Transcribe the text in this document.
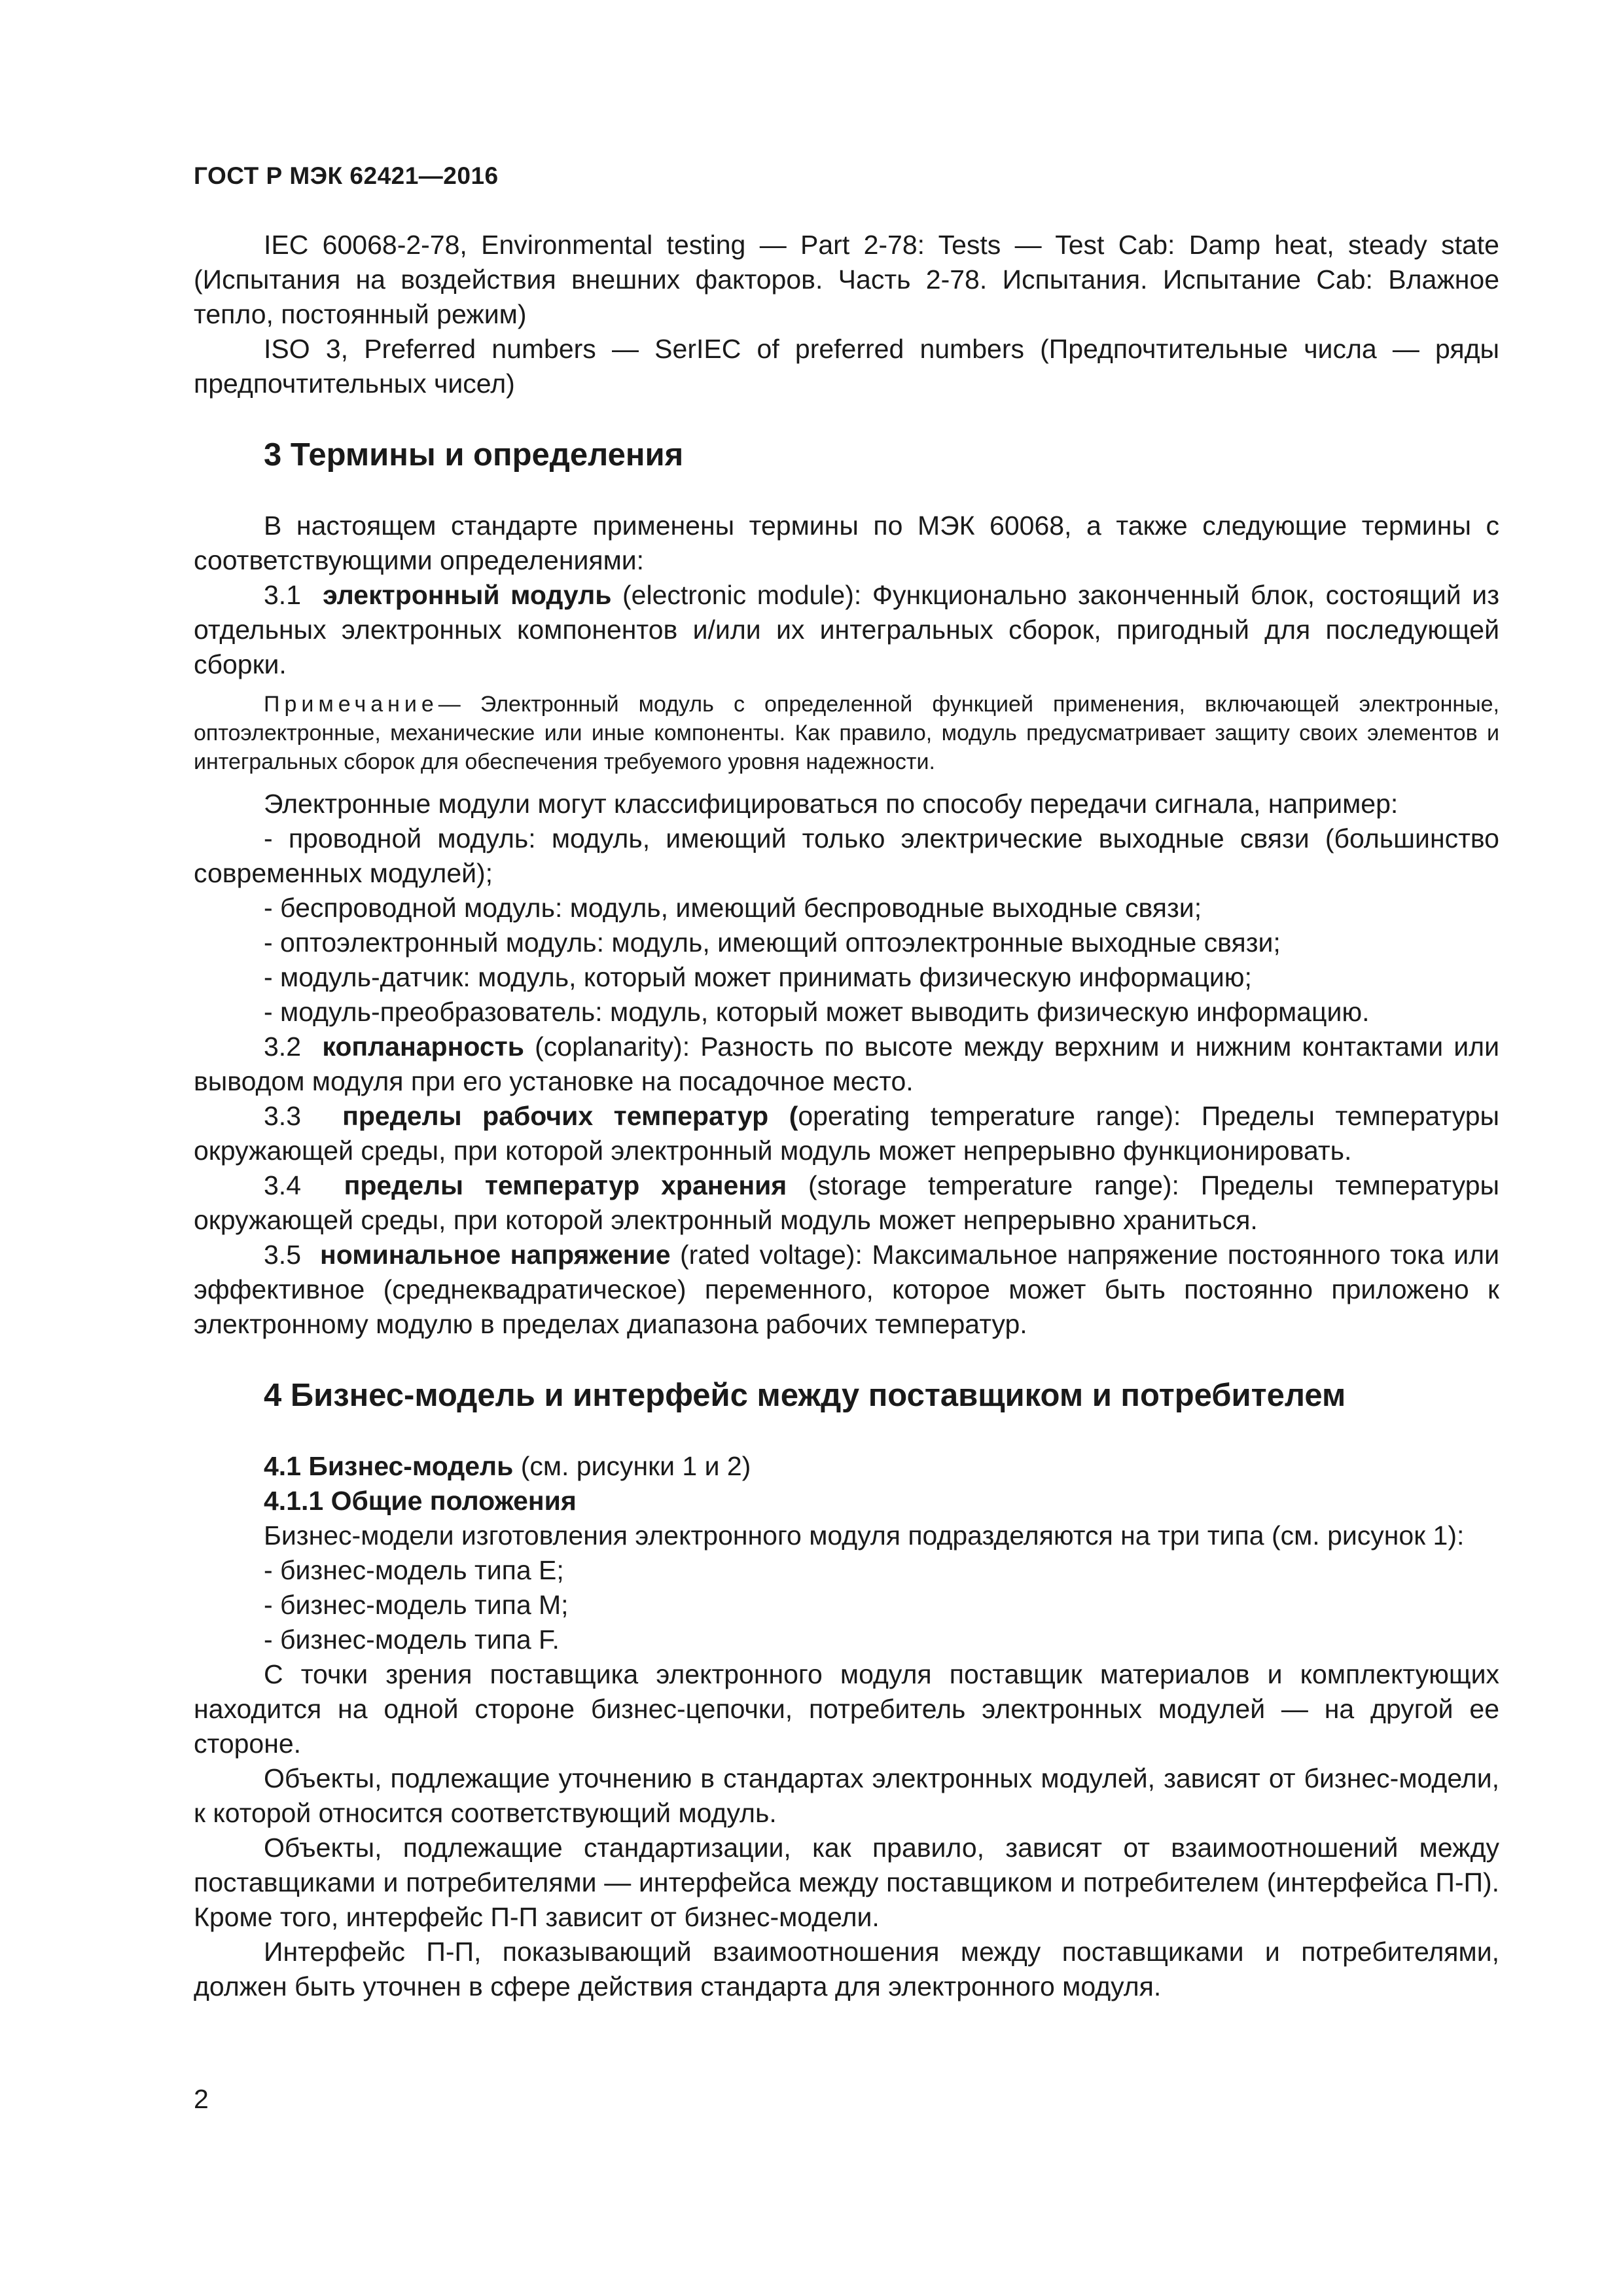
ГОСТ Р МЭК 62421—2016

IEC 60068-2-78, Environmental testing — Part 2-78: Tests — Test Cab: Damp heat, steady state (Испытания на воздействия внешних факторов. Часть 2-78. Испытания. Испытание Cab: Влажное тепло, постоянный режим)

ISO 3, Preferred numbers — SerIEC of preferred numbers (Предпочтительные числа — ряды предпочтительных чисел)

3 Термины и определения

В настоящем стандарте применены термины по МЭК 60068, а также следующие термины с соответствующими определениями:

3.1 электронный модуль (electronic module): Функционально законченный блок, состоящий из отдельных электронных компонентов и/или их интегральных сборок, пригодный для последующей сборки.

Примечание— Электронный модуль с определенной функцией применения, включающей электронные, оптоэлектронные, механические или иные компоненты. Как правило, модуль предусматривает защиту своих элементов и интегральных сборок для обеспечения требуемого уровня надежности.

Электронные модули могут классифицироваться по способу передачи сигнала, например:

- проводной модуль: модуль, имеющий только электрические выходные связи (большинство современных модулей);

- беспроводной модуль: модуль, имеющий беспроводные выходные связи;

- оптоэлектронный модуль: модуль, имеющий оптоэлектронные выходные связи;

- модуль-датчик: модуль, который может принимать физическую информацию;

- модуль-преобразователь: модуль, который может выводить физическую информацию.

3.2 копланарность (coplanarity): Разность по высоте между верхним и нижним контактами или выводом модуля при его установке на посадочное место.

3.3 пределы рабочих температур (operating temperature range): Пределы температуры окружающей среды, при которой электронный модуль может непрерывно функционировать.

3.4 пределы температур хранения (storage temperature range): Пределы температуры окружающей среды, при которой электронный модуль может непрерывно храниться.

3.5 номинальное напряжение (rated voltage): Максимальное напряжение постоянного тока или эффективное (среднеквадратическое) переменного, которое может быть постоянно приложено к электронному модулю в пределах диапазона рабочих температур.

4 Бизнес-модель и интерфейс между поставщиком и потребителем

4.1 Бизнес-модель (см. рисунки 1 и 2)

4.1.1 Общие положения

Бизнес-модели изготовления электронного модуля подразделяются на три типа (см. рисунок 1):

- бизнес-модель типа E;

- бизнес-модель типа M;

- бизнес-модель типа F.

С точки зрения поставщика электронного модуля поставщик материалов и комплектующих находится на одной стороне бизнес-цепочки, потребитель электронных модулей — на другой ее стороне.

Объекты, подлежащие уточнению в стандартах электронных модулей, зависят от бизнес-модели, к которой относится соответствующий модуль.

Объекты, подлежащие стандартизации, как правило, зависят от взаимоотношений между поставщиками и потребителями — интерфейса между поставщиком и потребителем (интерфейса П-П). Кроме того, интерфейс П-П зависит от бизнес-модели.

Интерфейс П-П, показывающий взаимоотношения между поставщиками и потребителями, должен быть уточнен в сфере действия стандарта для электронного модуля.

2
